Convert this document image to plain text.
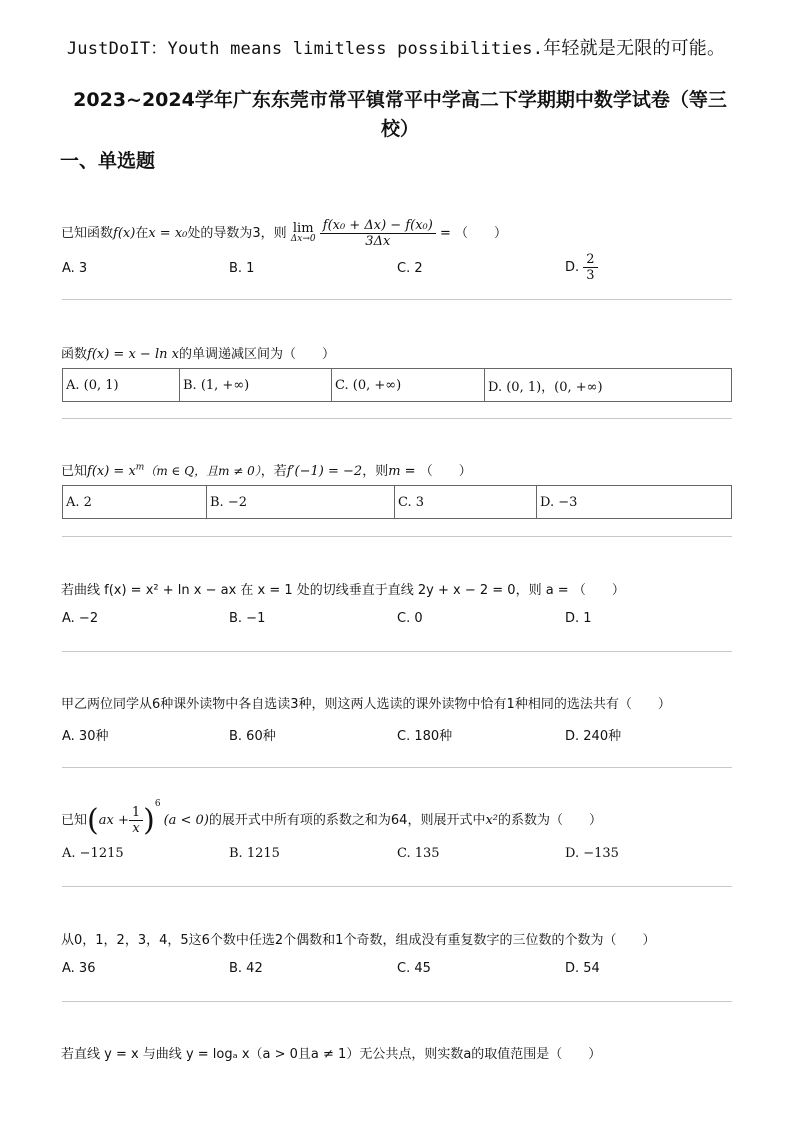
JustDoIT：Youth means limitless possibilities.年轻就是无限的可能。
2023~2024学年广东东莞市常平镇常平中学高二下学期期中数学试卷（等三校）
一、单选题
已知函数f(x)在x = x₀处的导数为3，则 lim
Δx→0
$\frac{\text{f(x₀ + Δx) − f(x₀)}}{3\Delta x}$ = （　　）
A. 3	B. 1	C. 2	D. $\frac{2}{3}$
函数f(x) = x − ln x的单调递减区间为（　　）
A. (0, 1)	B. (1, +∞)	C. (0, +∞)	D. (0, 1)，(0, +∞)
已知$f(x) = x^m(m$ ∈ Q，且m ≠ 0），若f′(−1) = −2，则m = （　　）
A. 2	B. −2	C. 3	D. −3
若曲线 f(x) = x² + ln x − ax 在 x = 1 处的切线垂直于直线 2y + x − 2 = 0，则 a = （　　）
A. −2	B. −1	C. 0	D. 1
甲乙两位同学从6种课外读物中各自选读3种，则这两人选读的课外读物中恰有1种相同的选法共有（　　）
A. 30种	B. 60种	C. 180种	D. 240种
已知$(ax + \frac{1}{x} )^6(a < 0)$的展开式中所有项的系数之和为64，则展开式中x²的系数为（　　）
A. −1215	B. 1215	C. 135	D. −135
从0，1，2，3，4，5这6个数中任选2个偶数和1个奇数，组成没有重复数字的三位数的个数为（　　）
A. 36	B. 42	C. 45	D. 54
若直线 y = x 与曲线 y = logₐ x（a > 0且a ≠ 1）无公共点，则实数a的取值范围是（　　）
